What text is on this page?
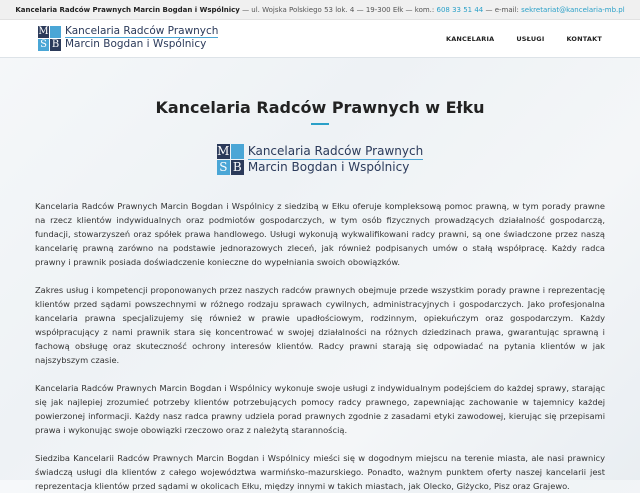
Kancelaria Radców Prawnych Marcin Bogdan i Wspólnicy — ul. Wojska Polskiego 53 lok. 4 — 19-300 Ełk — kom.: 608 33 51 44 — e-mail: sekretariat@kancelaria-mb.pl
M
S B
Kancelaria Radców Prawnych
Marcin Bogdan i Wspólnicy	KANCELARIA	USŁUGI	KONTAKT
Kancelaria Radców Prawnych w Ełku
M
S B
Kancelaria Radców Prawnych
Marcin Bogdan i Wspólnicy

Kancelaria Radców Prawnych Marcin Bogdan i Wspólnicy z siedzibą w Ełku oferuje kompleksową pomoc prawną, w tym porady prawne na rzecz klientów indywidualnych oraz podmiotów gospodarczych, w tym osób fizycznych prowadzących działalność gospodarczą, fundacji, stowarzyszeń oraz spółek prawa handlowego. Usługi wykonują wykwalifikowani radcy prawni, są one świadczone przez naszą kancelarię prawną zarówno na podstawie jednorazowych zleceń, jak również podpisanych umów o stałą współpracę. Każdy radca prawny i prawnik posiada doświadczenie konieczne do wypełniania swoich obowiązków.

Zakres usług i kompetencji proponowanych przez naszych radców prawnych obejmuje przede wszystkim porady prawne i reprezentację klientów przed sądami powszechnymi w różnego rodzaju sprawach cywilnych, administracyjnych i gospodarczych. Jako profesjonalna kancelaria prawna specjalizujemy się również w prawie upadłościowym, rodzinnym, opiekuńczym oraz gospodarczym. Każdy współpracujący z nami prawnik stara się koncentrować w swojej działalności na różnych dziedzinach prawa, gwarantując sprawną i fachową obsługę oraz skuteczność ochrony interesów klientów. Radcy prawni starają się odpowiadać na pytania klientów w jak najszybszym czasie.

Kancelaria Radców Prawnych Marcin Bogdan i Wspólnicy wykonuje swoje usługi z indywidualnym podejściem do każdej sprawy, starając się jak najlepiej zrozumieć potrzeby klientów potrzebujących pomocy radcy prawnego, zapewniając zachowanie w tajemnicy każdej powierzonej informacji. Każdy nasz radca prawny udziela porad prawnych zgodnie z zasadami etyki zawodowej, kierując się przepisami prawa i wykonując swoje obowiązki rzeczowo oraz z należytą starannością.

Siedziba Kancelarii Radców Prawnych Marcin Bogdan i Wspólnicy mieści się w dogodnym miejscu na terenie miasta, ale nasi prawnicy świadczą usługi dla klientów z całego województwa warmińsko-mazurskiego. Ponadto, ważnym punktem oferty naszej kancelarii jest reprezentacja klientów przed sądami w okolicach Ełku, między innymi w takich miastach, jak Olecko, Giżycko, Pisz oraz Grajewo.
